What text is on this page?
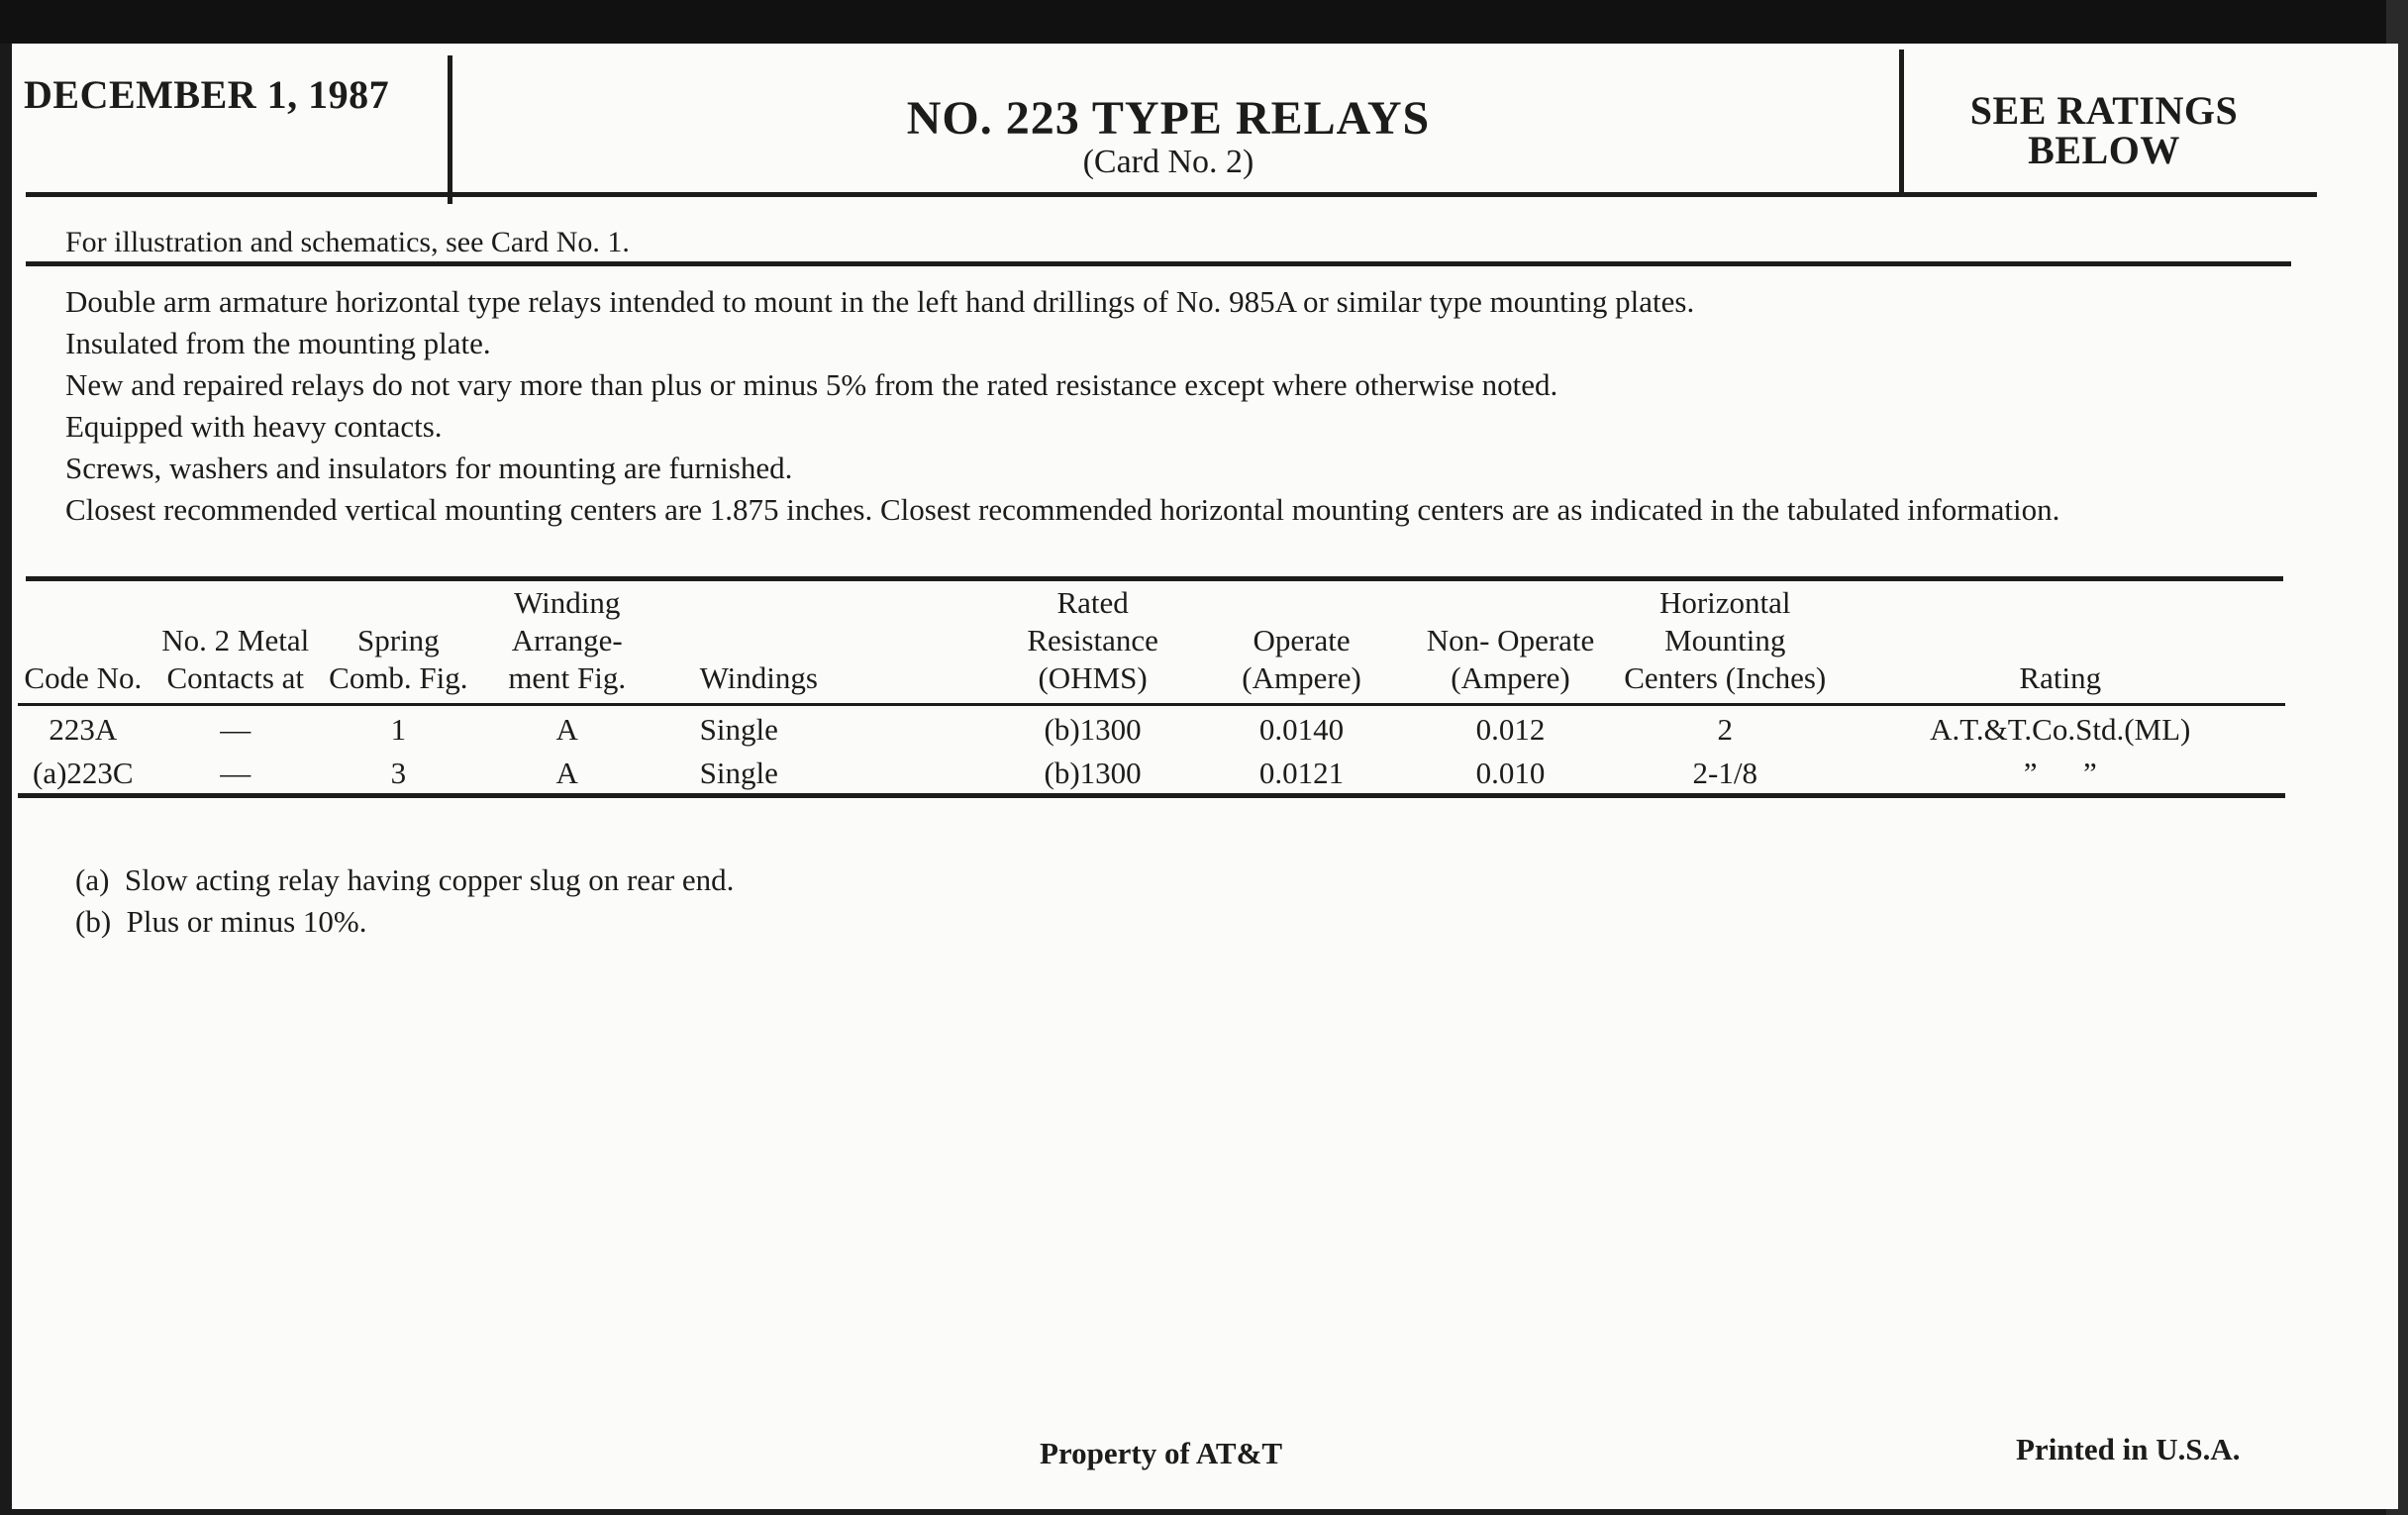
DECEMBER 1, 1987	NO. 223 TYPE RELAYS
(Card No. 2)
SEE RATINGS
BELOW
For illustration and schematics, see Card No. 1.

Double arm armature horizontal type relays intended to mount in the left hand drillings of No. 985A or similar type mounting plates.

Insulated from the mounting plate.

New and repaired relays do not vary more than plus or minus 5% from the rated resistance except where otherwise noted.

Equipped with heavy contacts.

Screws, washers and insulators for mounting are furnished.

Closest recommended vertical mounting centers are 1.875 inches. Closest recommended horizontal mounting centers are as indicated in the tabulated information.

Code No.	No. 2 Metal Contacts at	Spring Comb. Fig.	Winding Arrange- ment Fig.	Windings	Rated Resistance (OHMS)	Operate (Ampere)	Non- Operate (Ampere)	Horizontal Mounting Centers (Inches)	Rating
223A	—	1	A	Single	(b)1300	0.0140	0.012	2	A.T.&T.Co.Std.(ML)
(a)223C	—	3	A	Single	(b)1300	0.0121	0.010	2-1/8	”      ”

(a)  Slow acting relay having copper slug on rear end.

(b)  Plus or minus 10%.

Property of AT&T	Printed in U.S.A.
